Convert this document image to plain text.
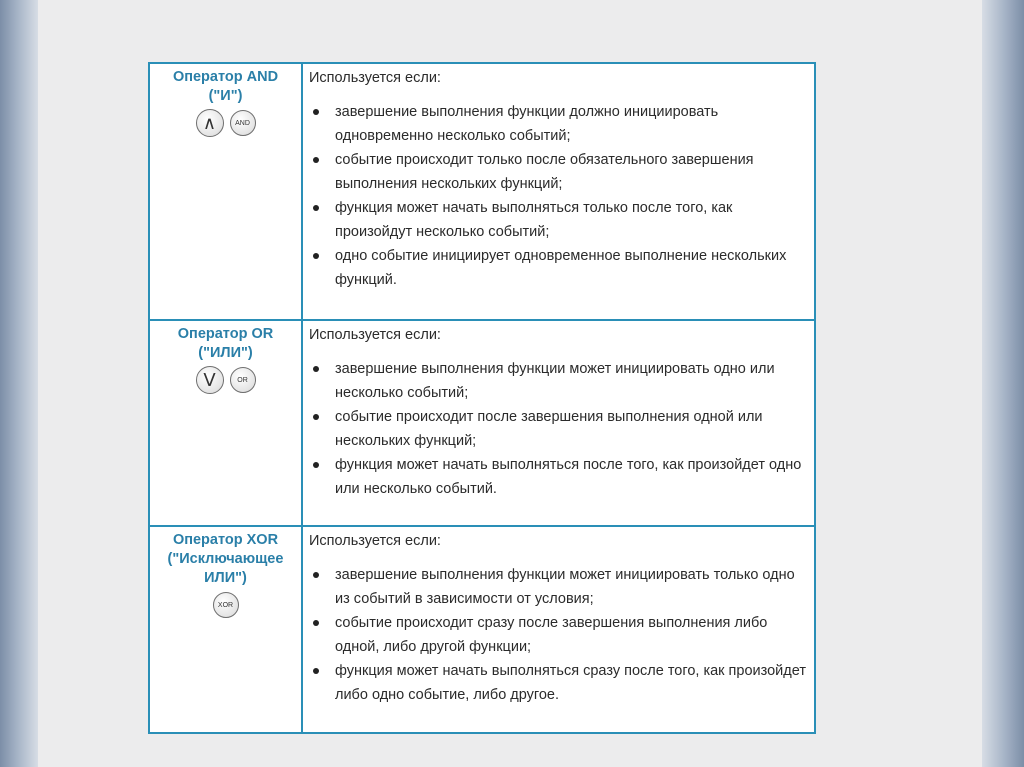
Оператор AND
("И")
∧	AND
Используется если:
завершение выполнения функции должно инициировать одновременно несколько событий;
событие происходит только после обязательного завершения выполнения нескольких функций;
функция может начать выполняться только после того, как произойдут несколько событий;
одно событие инициирует одновременное выполнение нескольких функций.
Оператор OR
("ИЛИ")
V	OR
Используется если:
завершение выполнения функции может инициировать одно или несколько событий;
событие происходит после завершения выполнения одной или нескольких функций;
функция может начать выполняться после того, как произойдет одно или несколько событий.
Оператор XOR
("Исключающее
ИЛИ")
XOR
Используется если:
завершение выполнения функции может инициировать только одно из событий в зависимости от условия;
событие происходит сразу после завершения выполнения либо одной, либо другой функции;
функция может начать выполняться сразу после того, как произойдет либо одно событие, либо другое.
